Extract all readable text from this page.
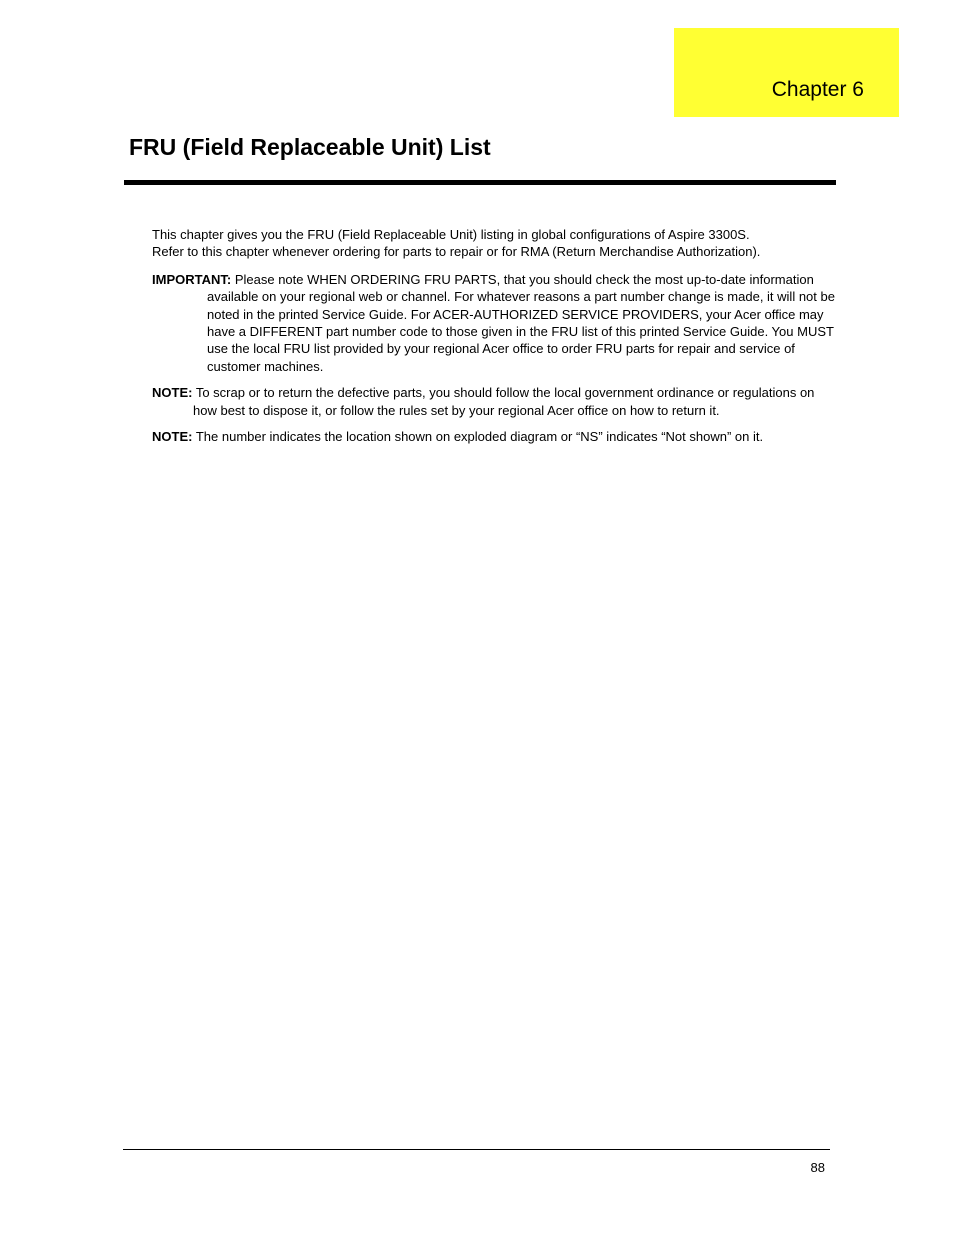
Chapter 6
FRU (Field Replaceable Unit) List

This chapter gives you the FRU (Field Replaceable Unit) listing in global configurations of Aspire 3300S.
Refer to this chapter whenever ordering for parts to repair or for RMA (Return Merchandise Authorization).

IMPORTANT: Please note WHEN ORDERING FRU PARTS, that you should check the most up-to-date information available on your regional web or channel. For whatever reasons a part number change is made, it will not be noted in the printed Service Guide. For ACER-AUTHORIZED SERVICE PROVIDERS, your Acer office may have a DIFFERENT part number code to those given in the FRU list of this printed Service Guide. You MUST use the local FRU list provided by your regional Acer office to order FRU parts for repair and service of customer machines.

NOTE: To scrap or to return the defective parts, you should follow the local government ordinance or regulations on how best to dispose it, or follow the rules set by your regional Acer office on how to return it.

NOTE: The number indicates the location shown on exploded diagram or “NS” indicates “Not shown” on it.

88
